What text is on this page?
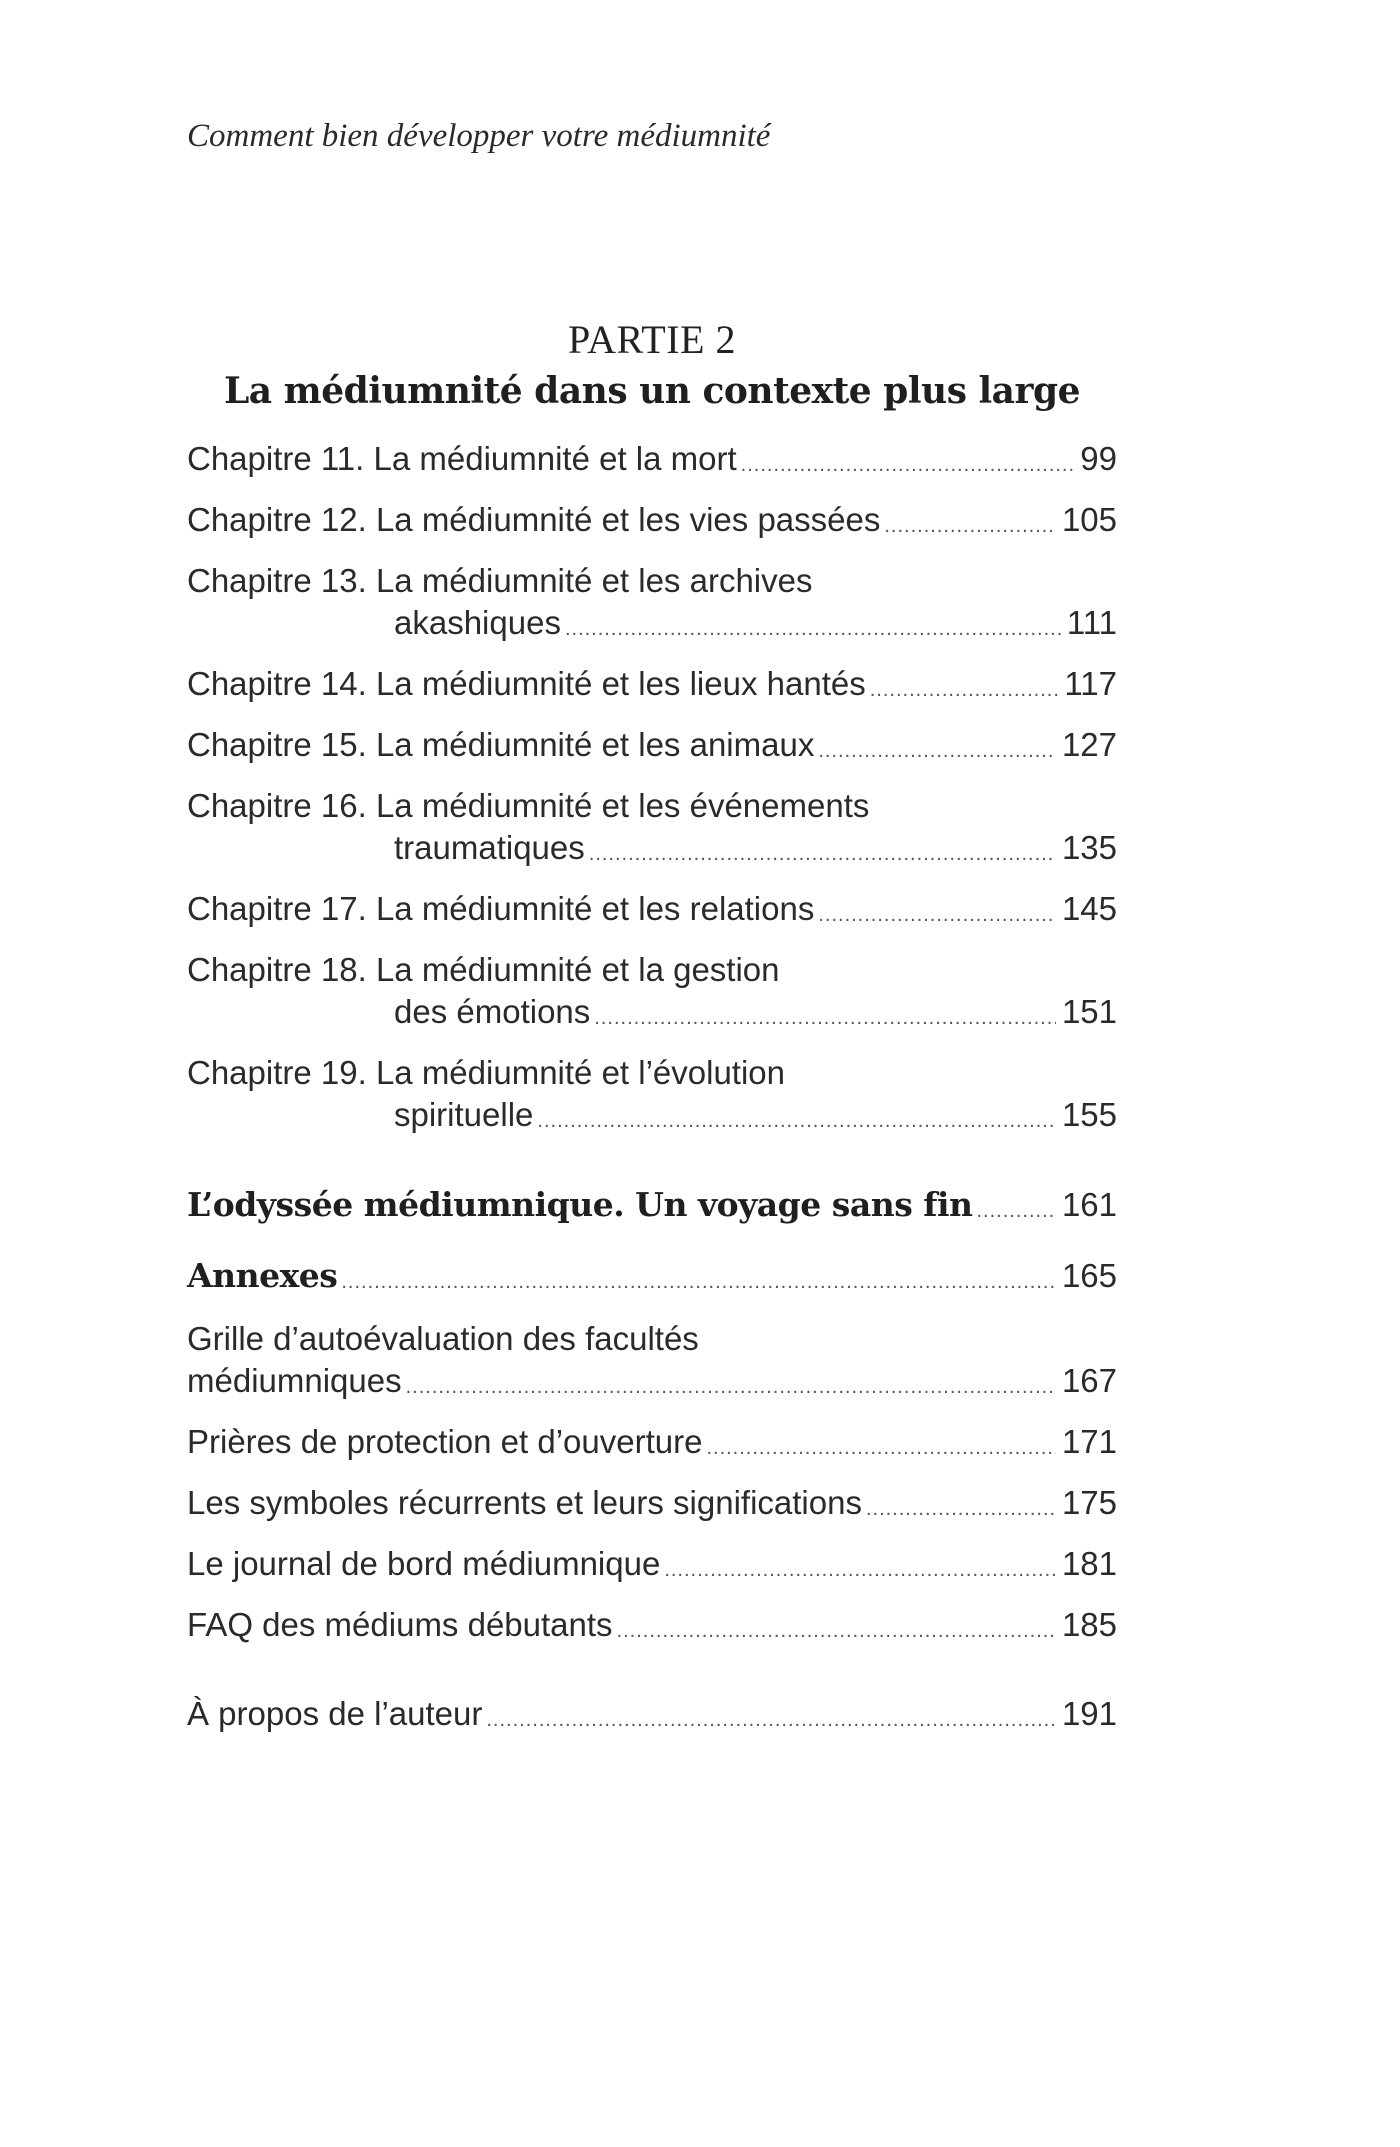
Comment bien développer votre médiumnité
PARTIE 2
La médiumnité dans un contexte plus large
Chapitre 11. La médiumnité et la mort .....	99
Chapitre 12. La médiumnité et les vies passées .....	105
Chapitre 13. La médiumnité et les archives
akashiques .....	111
Chapitre 14. La médiumnité et les lieux hantés .....	117
Chapitre 15. La médiumnité et les animaux .....	127
Chapitre 16. La médiumnité et les événements
traumatiques .....	135
Chapitre 17. La médiumnité et les relations .....	145
Chapitre 18. La médiumnité et la gestion
des émotions .....	151
Chapitre 19. La médiumnité et l’évolution
spirituelle .....	155
L’odyssée médiumnique. Un voyage sans fin .....	161
Annexes .....	165
Grille d’autoévaluation des facultés
médiumniques .....	167
Prières de protection et d’ouverture .....	171
Les symboles récurrents et leurs significations .....	175
Le journal de bord médiumnique .....	181
FAQ des médiums débutants .....	185
À propos de l’auteur .....	191
